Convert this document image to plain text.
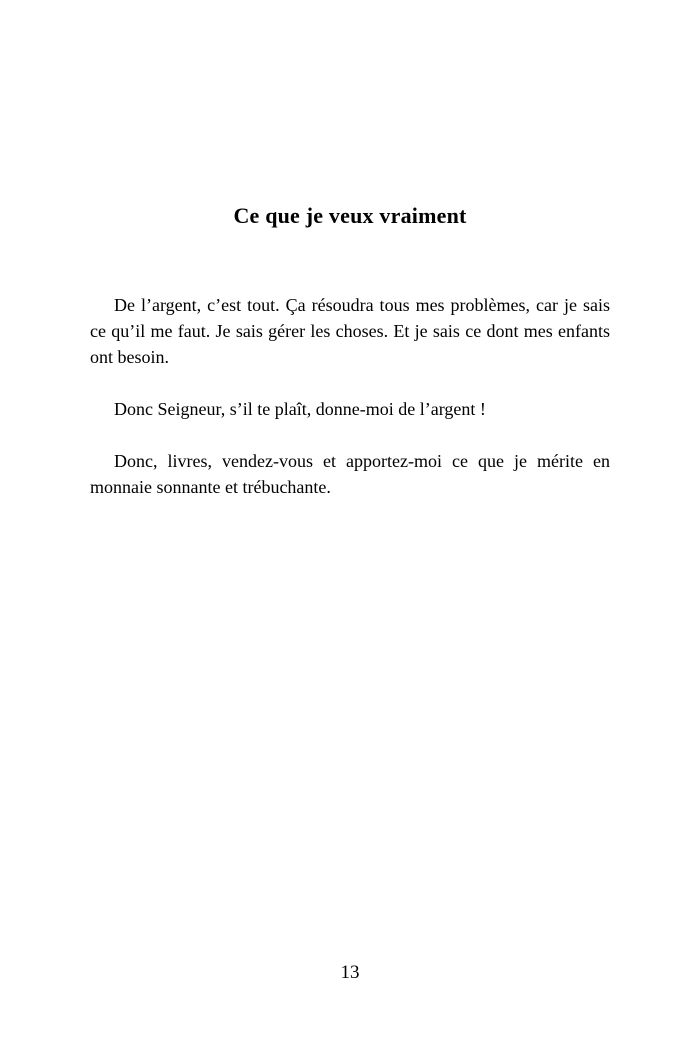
Ce que je veux vraiment

De l’argent, c’est tout. Ça résoudra tous mes problèmes, car je sais ce qu’il me faut. Je sais gérer les choses. Et je sais ce dont mes enfants ont besoin.

Donc Seigneur, s’il te plaît, donne-moi de l’argent !

Donc, livres, vendez-vous et apportez-moi ce que je mérite en monnaie sonnante et trébuchante.

13
